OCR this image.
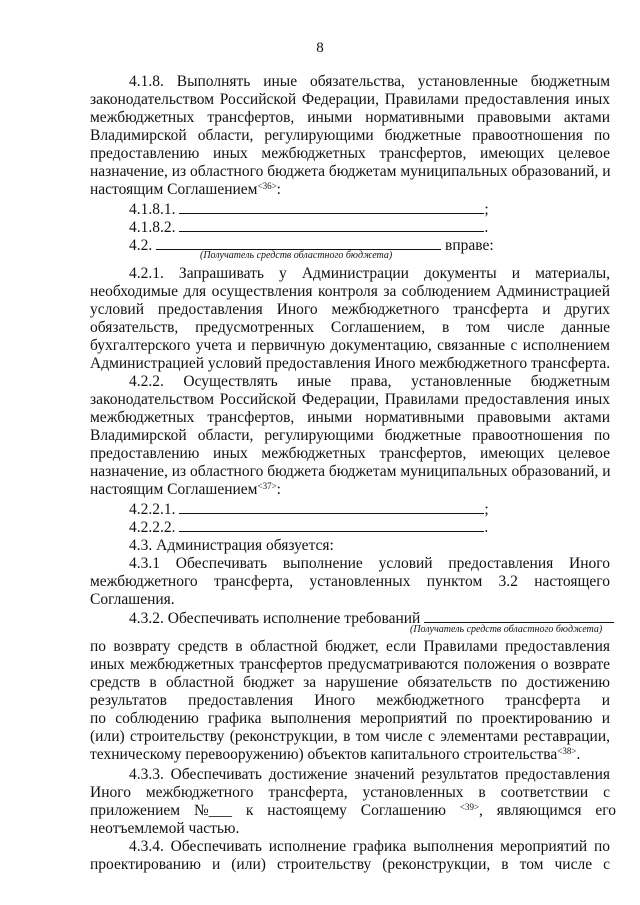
8
4.1.8. Выполнять иные обязательства, установленные бюджетным
законодательством Российской Федерации, Правилами предоставления иных
межбюджетных трансфертов, иными нормативными правовыми актами
Владимирской области, регулирующими бюджетные правоотношения по
предоставлению иных межбюджетных трансфертов, имеющих целевое
назначение, из областного бюджета бюджетам муниципальных образований, и
настоящим Соглашением$^{<36>}$:
4.1.8.1.	;
4.1.8.2.	.
4.2.	вправе:
(Получатель средств областного бюджета)
4.2.1. Запрашивать у Администрации документы и материалы,
необходимые для осуществления контроля за соблюдением Администрацией
условий предоставления Иного межбюджетного трансферта и других
обязательств, предусмотренных Соглашением, в том числе данные
бухгалтерского учета и первичную документацию, связанные с исполнением
Администрацией условий предоставления Иного межбюджетного трансферта.
4.2.2. Осуществлять иные права, установленные бюджетным
законодательством Российской Федерации, Правилами предоставления иных
межбюджетных трансфертов, иными нормативными правовыми актами
Владимирской области, регулирующими бюджетные правоотношения по
предоставлению иных межбюджетных трансфертов, имеющих целевое
назначение, из областного бюджета бюджетам муниципальных образований, и
настоящим Соглашением$^{<37>}$:
4.2.2.1.	;
4.2.2.2.	.
4.3. Администрация обязуется:
4.3.1 Обеспечивать выполнение условий предоставления Иного
межбюджетного трансферта, установленных пунктом 3.2 настоящего
Соглашения.
4.3.2. Обеспечивать исполнение требований
(Получатель средств областного бюджета)
по возврату средств в областной бюджет, если Правилами предоставления
иных межбюджетных трансфертов предусматриваются положения о возврате
средств в областной бюджет за нарушение обязательств по достижению
результатов предоставления Иного межбюджетного трансферта и
по соблюдению графика выполнения мероприятий по проектированию и
(или) строительству (реконструкции, в том числе с элементами реставрации,
техническому перевооружению) объектов капитального строительства$^{<38>}$.
4.3.3. Обеспечивать достижение значений результатов предоставления
Иного межбюджетного трансферта, установленных в соответствии с
приложением №___ к настоящему Соглашению $^{<39>}$, являющимся его
неотъемлемой частью.
4.3.4. Обеспечивать исполнение графика выполнения мероприятий по
проектированию и (или) строительству (реконструкции, в том числе с
